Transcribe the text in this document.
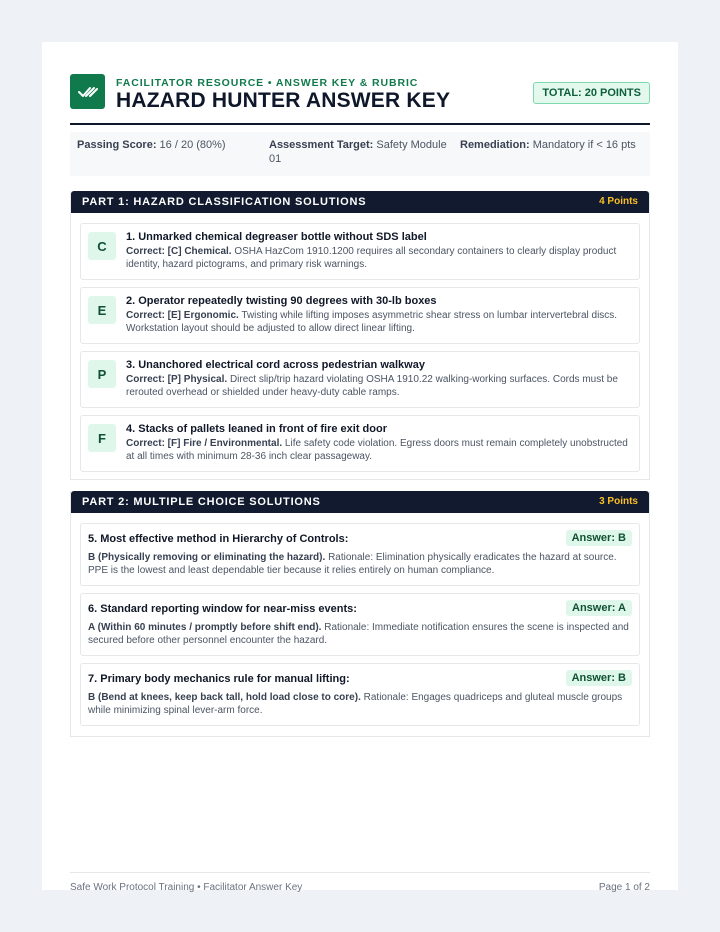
FACILITATOR RESOURCE • ANSWER KEY & RUBRIC
HAZARD HUNTER ANSWER KEY	TOTAL: 20 POINTS
Passing Score: 16 / 20 (80%)	Assessment Target: Safety Module 01
Remediation: Mandatory if < 16 pts
PART 1: HAZARD CLASSIFICATION SOLUTIONS	4 Points
C
1. Unmarked chemical degreaser bottle without SDS label
Correct: [C] Chemical. OSHA HazCom 1910.1200 requires all secondary containers to clearly display product identity, hazard pictograms, and primary risk warnings.
E
2. Operator repeatedly twisting 90 degrees with 30-lb boxes
Correct: [E] Ergonomic. Twisting while lifting imposes asymmetric shear stress on lumbar intervertebral discs. Workstation layout should be adjusted to allow direct linear lifting.
P
3. Unanchored electrical cord across pedestrian walkway
Correct: [P] Physical. Direct slip/trip hazard violating OSHA 1910.22 walking-working surfaces. Cords must be rerouted overhead or shielded under heavy-duty cable ramps.
F
4. Stacks of pallets leaned in front of fire exit door
Correct: [F] Fire / Environmental. Life safety code violation. Egress doors must remain completely unobstructed at all times with minimum 28-36 inch clear passageway.
PART 2: MULTIPLE CHOICE SOLUTIONS	3 Points
5. Most effective method in Hierarchy of Controls:	Answer: B
B (Physically removing or eliminating the hazard). Rationale: Elimination physically eradicates the hazard at source. PPE is the lowest and least dependable tier because it relies entirely on human compliance.
6. Standard reporting window for near-miss events:	Answer: A
A (Within 60 minutes / promptly before shift end). Rationale: Immediate notification ensures the scene is inspected and secured before other personnel encounter the hazard.
7. Primary body mechanics rule for manual lifting:	Answer: B
B (Bend at knees, keep back tall, hold load close to core). Rationale: Engages quadriceps and gluteal muscle groups while minimizing spinal lever-arm force.
Safe Work Protocol Training • Facilitator Answer Key	Page 1 of 2
